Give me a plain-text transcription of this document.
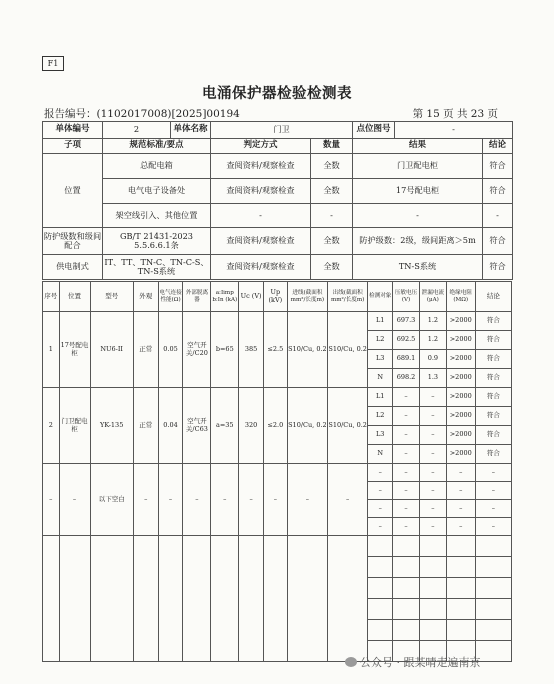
F1
电涌保护器检验检测表
报告编号：(1102017008)[2025]00194	第 15 页 共 23 页
单体编号	2	单体名称	门卫		点位图号	-	
子项	规范标准/要点		判定方式	数量	结果		结论
位置	总配电箱		查阅资料/观察检查	全数	门卫配电柜		符合
	电气电子设备处		查阅资料/观察检查	全数	17号配电柜		符合
	架空线引入、其他位置		-	-	-		-
防护级数和级间配合	GB/T 21431-2023 5.5.6.6.1条		查阅资料/观察检查	全数	防护级数：2级，级间距离＞5m		符合
供电制式	IT、TT、TN-C、TN-C-S、TN-S系统		查阅资料/观察检查	全数	TN-S系统		符合
序号	位置	型号	外观	电气连接性能(Ω)	外部脱离器	a:Iimp b:In (kA)	Uc (V)	Up (kV)	进线(截面积mm²/长度m)	出线(截面积mm²/长度m)	检测对象	压敏电压(V)	泄漏电流(μA)	绝缘电阻(MΩ)	结论
1	17号配电柜	NU6-II	正常	0.05	空气开关/C20	b=65	385	≤2.5	S10/Cu, 0.2	S10/Cu, 0.2	L1	697.3	1.2	>2000	符合
											L2	692.5	1.2	>2000	符合
											L3	689.1	0.9	>2000	符合
											N	698.2	1.3	>2000	符合
2	门卫配电柜	YK-135	正常	0.04	空气开关/C63	a=35	320	≤2.0	S10/Cu, 0.2	S10/Cu, 0.2	L1	–	–	>2000	符合
											L2	–	–	>2000	符合
											L3	–	–	>2000	符合
											N	–	–	>2000	符合
–	–	以下空白	–	–	–	–	–	–	–	–	–	–	–	–	–
											–	–	–	–	–
											–	–	–	–	–
											–	–	–	–	–

公众号 · 跟某晴走遍南京
